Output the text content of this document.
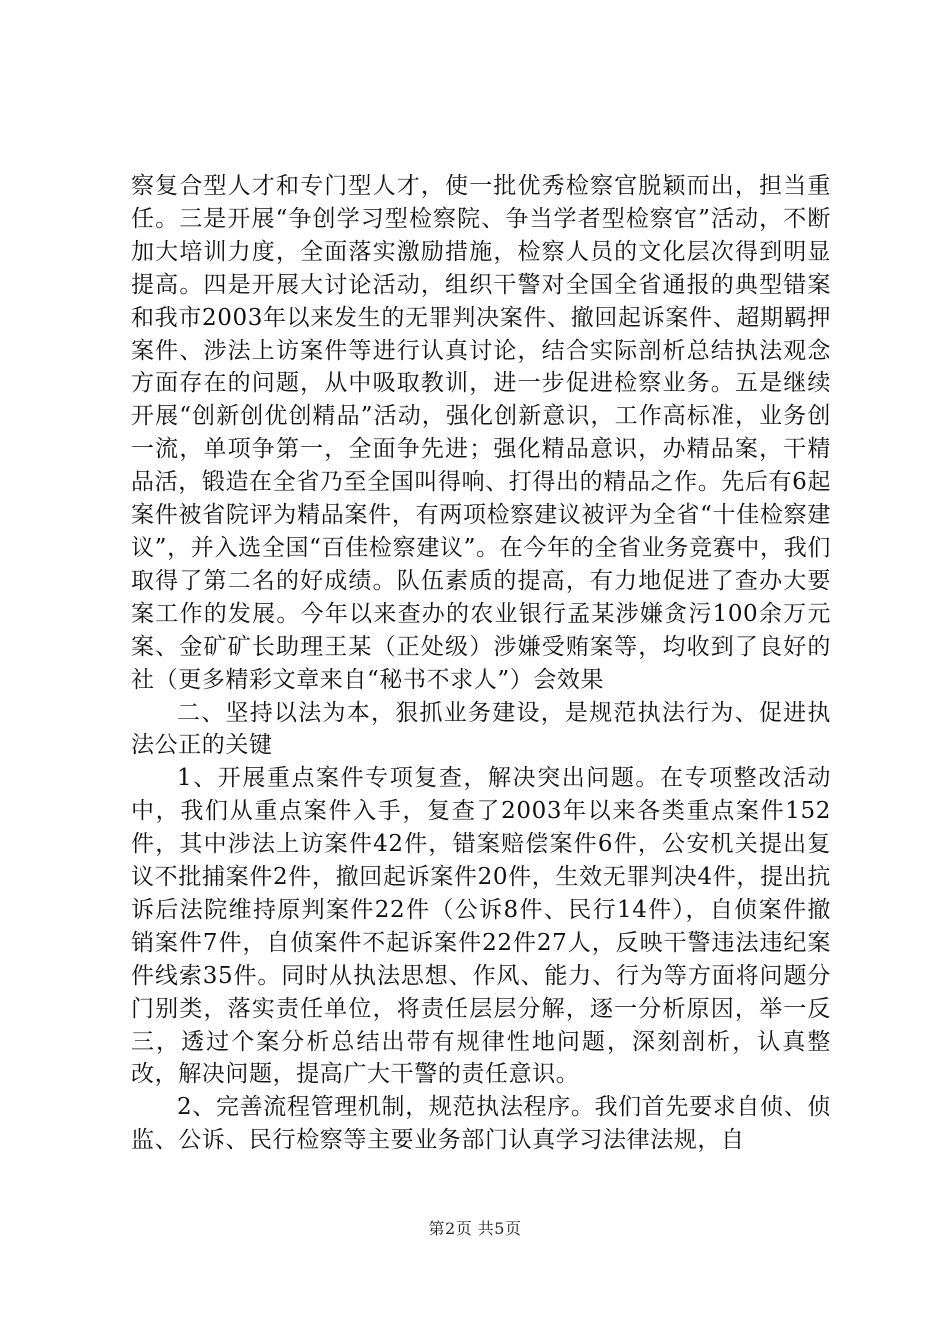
察复合型人才和专门型人才，使一批优秀检察官脱颖而出，担当重任。三是开展“争创学习型检察院、争当学者型检察官”活动，不断加大培训力度，全面落实激励措施，检察人员的文化层次得到明显提高。四是开展大讨论活动，组织干警对全国全省通报的典型错案和我市2003年以来发生的无罪判决案件、撤回起诉案件、超期羁押案件、涉法上访案件等进行认真讨论，结合实际剖析总结执法观念方面存在的问题，从中吸取教训，进一步促进检察业务。五是继续开展“创新创优创精品”活动，强化创新意识，工作高标准，业务创一流，单项争第一，全面争先进；强化精品意识，办精品案，干精品活，锻造在全省乃至全国叫得响、打得出的精品之作。先后有6起案件被省院评为精品案件，有两项检察建议被评为全省“十佳检察建议”，并入选全国“百佳检察建议”。在今年的全省业务竞赛中，我们取得了第二名的好成绩。队伍素质的提高，有力地促进了查办大要案工作的发展。今年以来查办的农业银行孟某涉嫌贪污100余万元案、金矿矿长助理王某（正处级）涉嫌受贿案等，均收到了良好的社（更多精彩文章来自“秘书不求人”）会效果

二、坚持以法为本，狠抓业务建设，是规范执法行为、促进执法公正的关键

1、开展重点案件专项复查，解决突出问题。在专项整改活动中，我们从重点案件入手，复查了2003年以来各类重点案件152件，其中涉法上访案件42件，错案赔偿案件6件，公安机关提出复议不批捕案件2件，撤回起诉案件20件，生效无罪判决4件，提出抗诉后法院维持原判案件22件（公诉8件、民行14件），自侦案件撤销案件7件，自侦案件不起诉案件22件27人，反映干警违法违纪案件线索35件。同时从执法思想、作风、能力、行为等方面将问题分门别类，落实责任单位，将责任层层分解，逐一分析原因，举一反三，透过个案分析总结出带有规律性地问题，深刻剖析，认真整改，解决问题，提高广大干警的责任意识。

2、完善流程管理机制，规范执法程序。我们首先要求自侦、侦监、公诉、民行检察等主要业务部门认真学习法律法规，自

第2页 共5页
